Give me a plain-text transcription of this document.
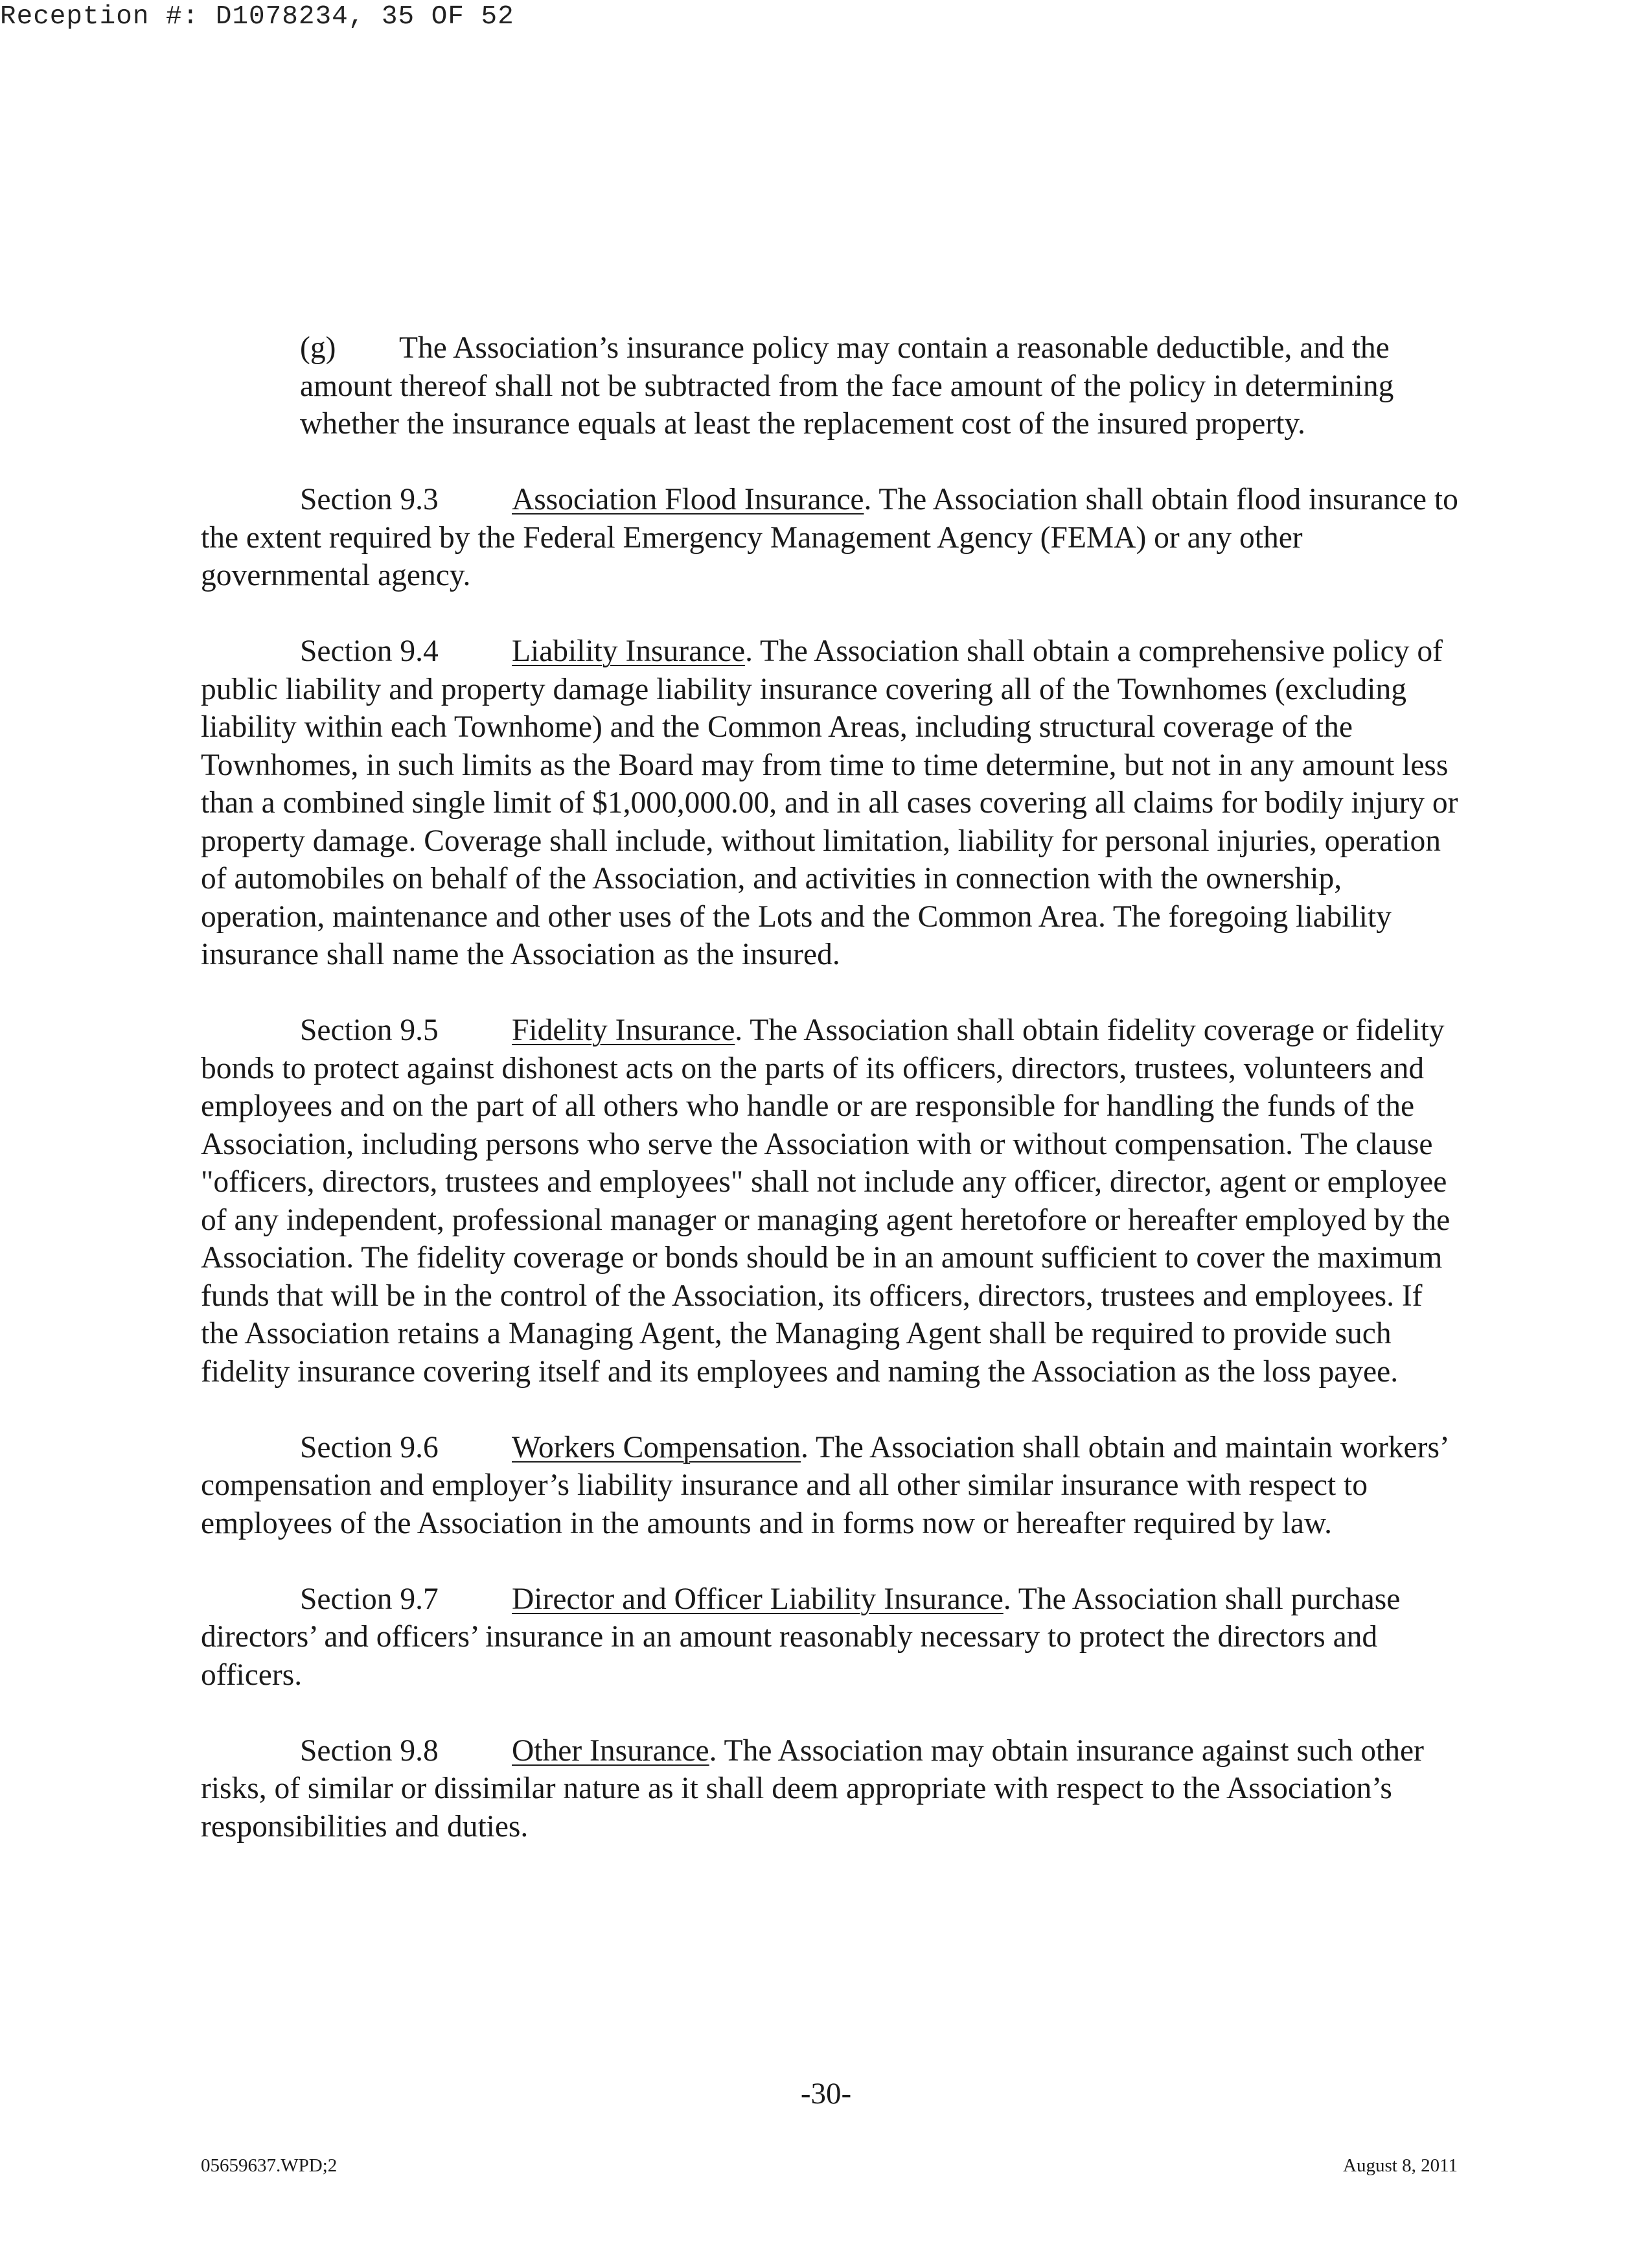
Reception #: D1078234, 35 OF 52

(g) The Association’s insurance policy may contain a reasonable deductible, and the amount thereof shall not be subtracted from the face amount of the policy in determining whether the insurance equals at least the replacement cost of the insured property.

Section 9.3 Association Flood Insurance. The Association shall obtain flood insurance to the extent required by the Federal Emergency Management Agency (FEMA) or any other governmental agency.

Section 9.4 Liability Insurance. The Association shall obtain a comprehensive policy of public liability and property damage liability insurance covering all of the Townhomes (excluding liability within each Townhome) and the Common Areas, including structural coverage of the Townhomes, in such limits as the Board may from time to time determine, but not in any amount less than a combined single limit of $1,000,000.00, and in all cases covering all claims for bodily injury or property damage. Coverage shall include, without limitation, liability for personal injuries, operation of automobiles on behalf of the Association, and activities in connection with the ownership, operation, maintenance and other uses of the Lots and the Common Area. The foregoing liability insurance shall name the Association as the insured.

Section 9.5 Fidelity Insurance. The Association shall obtain fidelity coverage or fidelity bonds to protect against dishonest acts on the parts of its officers, directors, trustees, volunteers and employees and on the part of all others who handle or are responsible for handling the funds of the Association, including persons who serve the Association with or without compensation. The clause "officers, directors, trustees and employees" shall not include any officer, director, agent or employee of any independent, professional manager or managing agent heretofore or hereafter employed by the Association. The fidelity coverage or bonds should be in an amount sufficient to cover the maximum funds that will be in the control of the Association, its officers, directors, trustees and employees. If the Association retains a Managing Agent, the Managing Agent shall be required to provide such fidelity insurance covering itself and its employees and naming the Association as the loss payee.

Section 9.6 Workers Compensation. The Association shall obtain and maintain workers’ compensation and employer’s liability insurance and all other similar insurance with respect to employees of the Association in the amounts and in forms now or hereafter required by law.

Section 9.7 Director and Officer Liability Insurance. The Association shall purchase directors’ and officers’ insurance in an amount reasonably necessary to protect the directors and officers.

Section 9.8 Other Insurance. The Association may obtain insurance against such other risks, of similar or dissimilar nature as it shall deem appropriate with respect to the Association’s responsibilities and duties.

-30-
05659637.WPD;2	August 8, 2011
